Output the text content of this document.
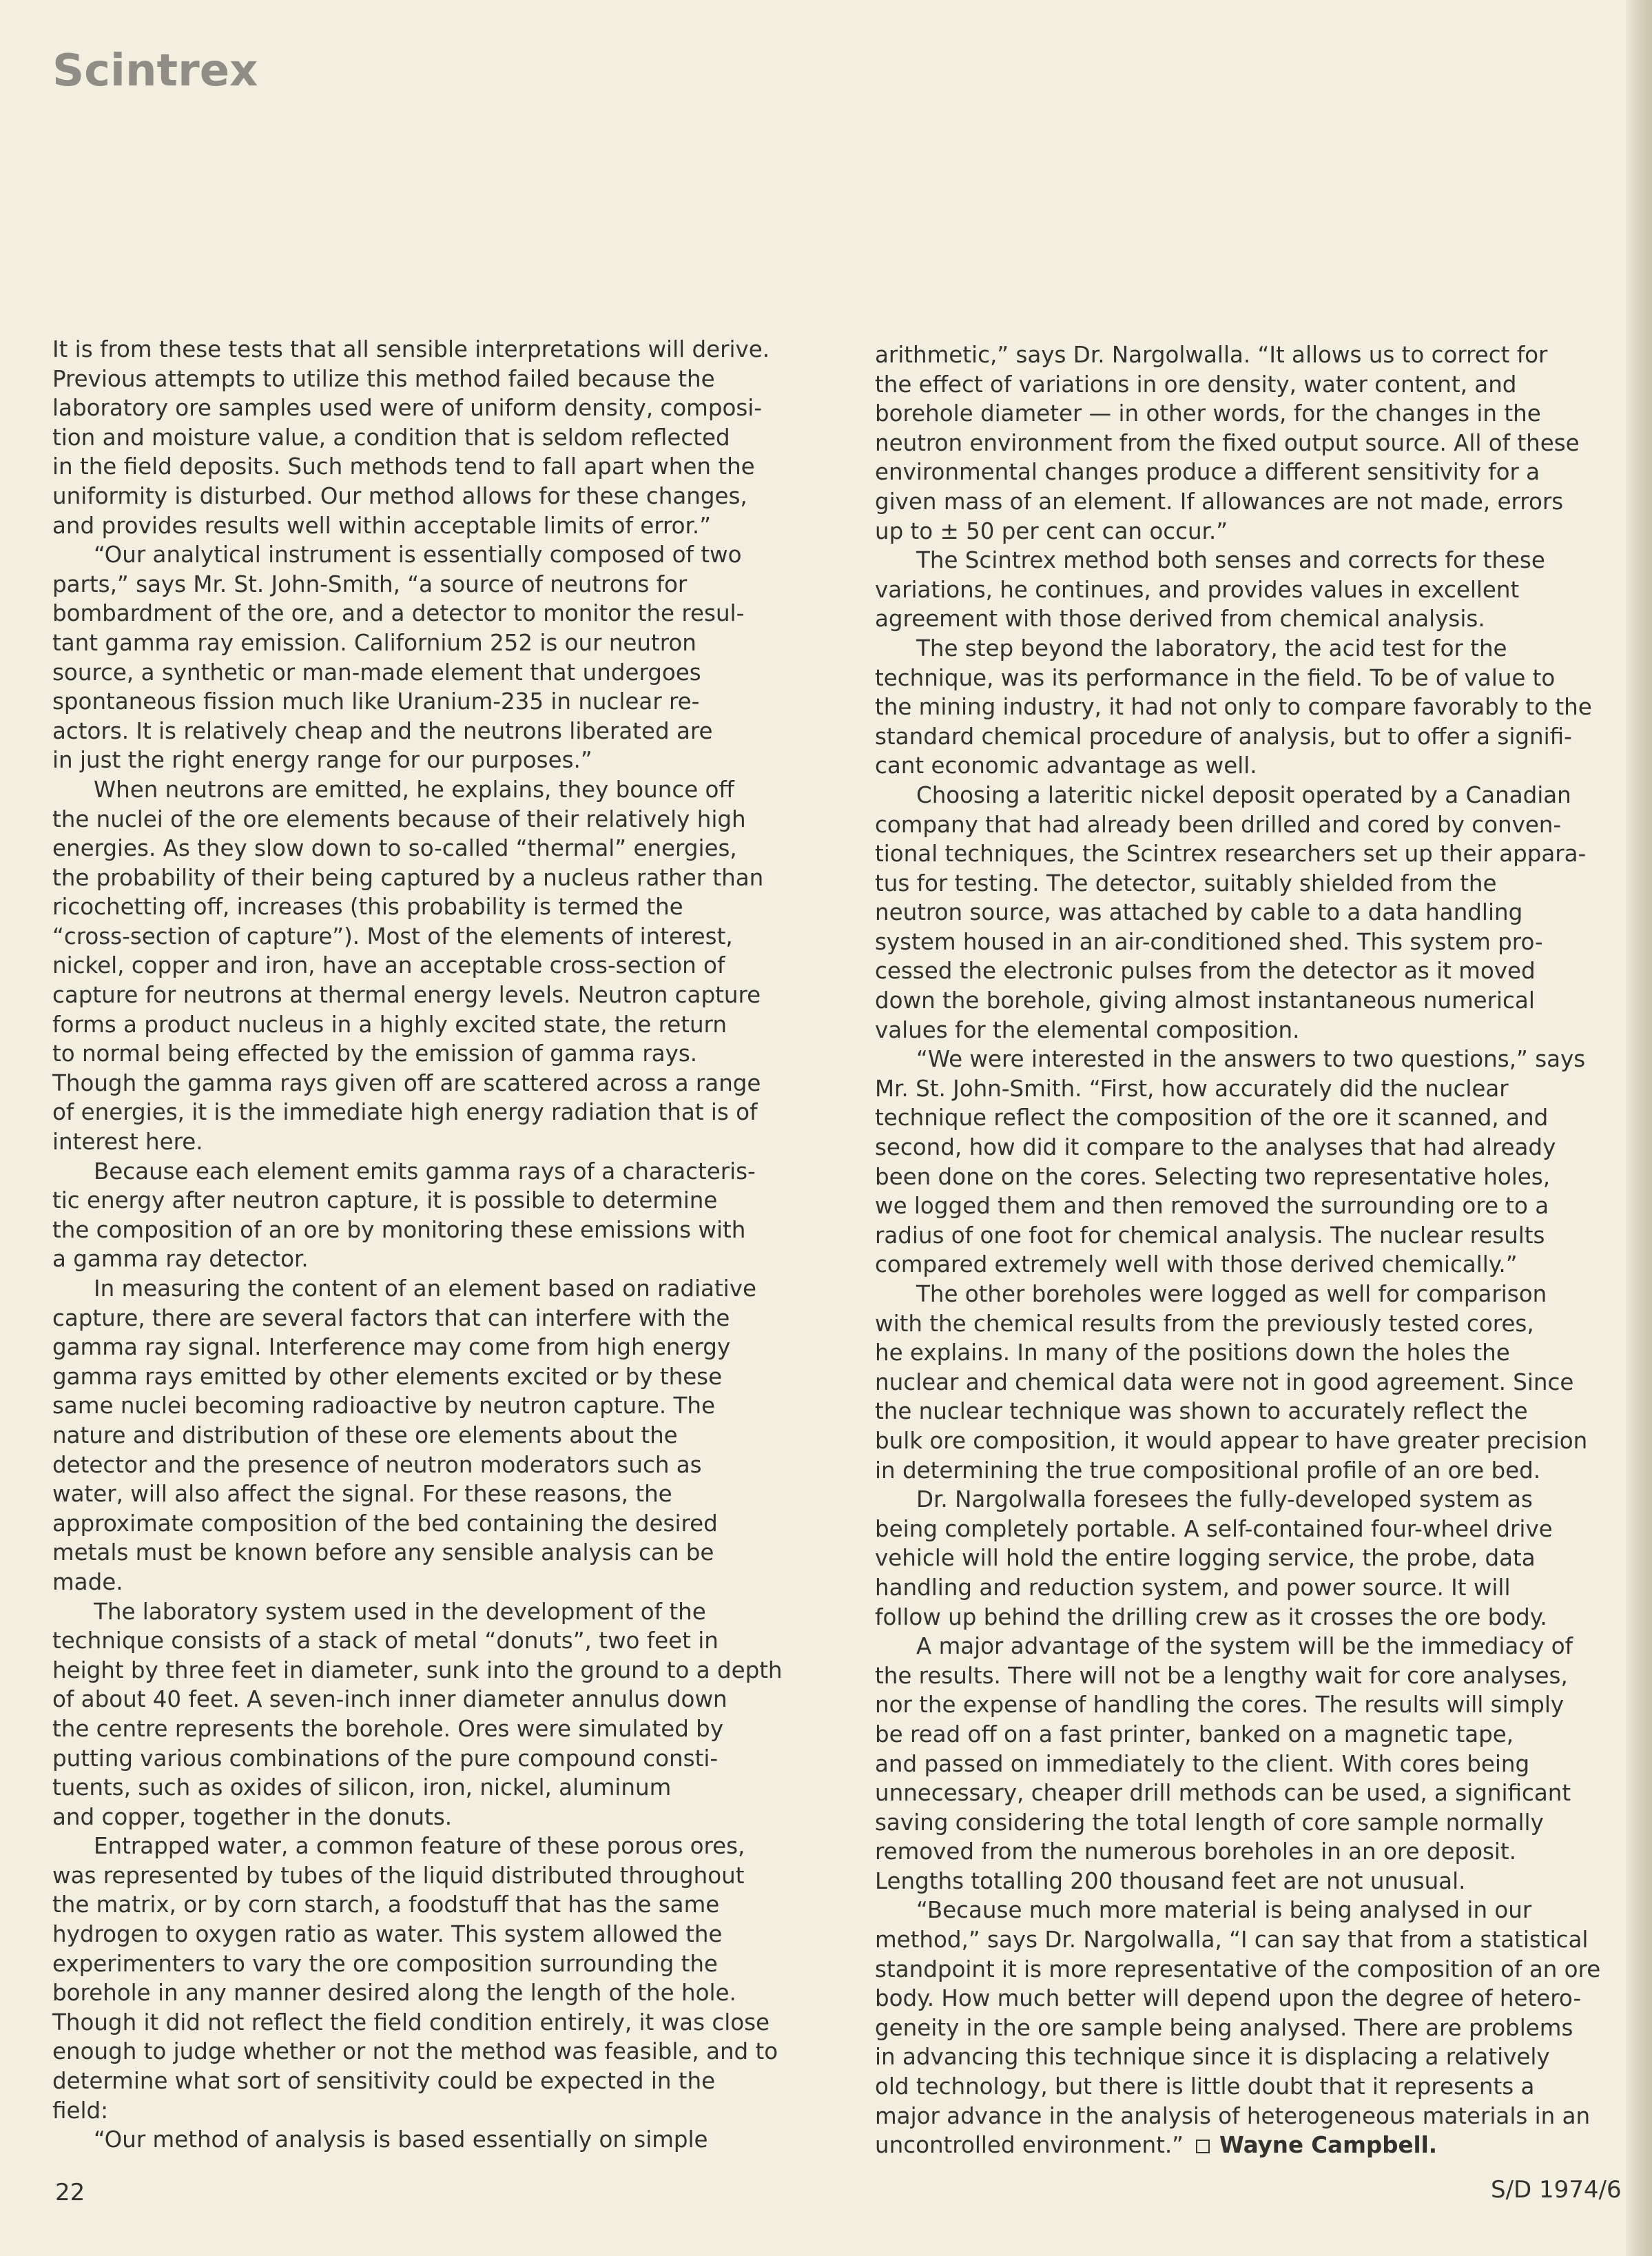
Scintrex

It is from these tests that all sensible interpretations will derive.
Previous attempts to utilize this method failed because the
laboratory ore samples used were of uniform density, composi-
tion and moisture value, a condition that is seldom reflected
in the field deposits. Such methods tend to fall apart when the
uniformity is disturbed. Our method allows for these changes,
and provides results well within acceptable limits of error.”

“Our analytical instrument is essentially composed of two
parts,” says Mr. St. John-Smith, “a source of neutrons for
bombardment of the ore, and a detector to monitor the resul-
tant gamma ray emission. Californium 252 is our neutron
source, a synthetic or man-made element that undergoes
spontaneous fission much like Uranium-235 in nuclear re-
actors. It is relatively cheap and the neutrons liberated are
in just the right energy range for our purposes.”

When neutrons are emitted, he explains, they bounce off
the nuclei of the ore elements because of their relatively high
energies. As they slow down to so-called “thermal” energies,
the probability of their being captured by a nucleus rather than
ricochetting off, increases (this probability is termed the
“cross-section of capture”). Most of the elements of interest,
nickel, copper and iron, have an acceptable cross-section of
capture for neutrons at thermal energy levels. Neutron capture
forms a product nucleus in a highly excited state, the return
to normal being effected by the emission of gamma rays.
Though the gamma rays given off are scattered across a range
of energies, it is the immediate high energy radiation that is of
interest here.

Because each element emits gamma rays of a characteris-
tic energy after neutron capture, it is possible to determine
the composition of an ore by monitoring these emissions with
a gamma ray detector.

In measuring the content of an element based on radiative
capture, there are several factors that can interfere with the
gamma ray signal. Interference may come from high energy
gamma rays emitted by other elements excited or by these
same nuclei becoming radioactive by neutron capture. The
nature and distribution of these ore elements about the
detector and the presence of neutron moderators such as
water, will also affect the signal. For these reasons, the
approximate composition of the bed containing the desired
metals must be known before any sensible analysis can be
made.

The laboratory system used in the development of the
technique consists of a stack of metal “donuts”, two feet in
height by three feet in diameter, sunk into the ground to a depth
of about 40 feet. A seven-inch inner diameter annulus down
the centre represents the borehole. Ores were simulated by
putting various combinations of the pure compound consti-
tuents, such as oxides of silicon, iron, nickel, aluminum
and copper, together in the donuts.

Entrapped water, a common feature of these porous ores,
was represented by tubes of the liquid distributed throughout
the matrix, or by corn starch, a foodstuff that has the same
hydrogen to oxygen ratio as water. This system allowed the
experimenters to vary the ore composition surrounding the
borehole in any manner desired along the length of the hole.
Though it did not reflect the field condition entirely, it was close
enough to judge whether or not the method was feasible, and to
determine what sort of sensitivity could be expected in the
field:

“Our method of analysis is based essentially on simple

arithmetic,” says Dr. Nargolwalla. “It allows us to correct for
the effect of variations in ore density, water content, and
borehole diameter — in other words, for the changes in the
neutron environment from the fixed output source. All of these
environmental changes produce a different sensitivity for a
given mass of an element. If allowances are not made, errors
up to ± 50 per cent can occur.”

The Scintrex method both senses and corrects for these
variations, he continues, and provides values in excellent
agreement with those derived from chemical analysis.

The step beyond the laboratory, the acid test for the
technique, was its performance in the field. To be of value to
the mining industry, it had not only to compare favorably to the
standard chemical procedure of analysis, but to offer a signifi-
cant economic advantage as well.

Choosing a lateritic nickel deposit operated by a Canadian
company that had already been drilled and cored by conven-
tional techniques, the Scintrex researchers set up their appara-
tus for testing. The detector, suitably shielded from the
neutron source, was attached by cable to a data handling
system housed in an air-conditioned shed. This system pro-
cessed the electronic pulses from the detector as it moved
down the borehole, giving almost instantaneous numerical
values for the elemental composition.

“We were interested in the answers to two questions,” says
Mr. St. John-Smith. “First, how accurately did the nuclear
technique reflect the composition of the ore it scanned, and
second, how did it compare to the analyses that had already
been done on the cores. Selecting two representative holes,
we logged them and then removed the surrounding ore to a
radius of one foot for chemical analysis. The nuclear results
compared extremely well with those derived chemically.”

The other boreholes were logged as well for comparison
with the chemical results from the previously tested cores,
he explains. In many of the positions down the holes the
nuclear and chemical data were not in good agreement. Since
the nuclear technique was shown to accurately reflect the
bulk ore composition, it would appear to have greater precision
in determining the true compositional profile of an ore bed.

Dr. Nargolwalla foresees the fully-developed system as
being completely portable. A self-contained four-wheel drive
vehicle will hold the entire logging service, the probe, data
handling and reduction system, and power source. It will
follow up behind the drilling crew as it crosses the ore body.

A major advantage of the system will be the immediacy of
the results. There will not be a lengthy wait for core analyses,
nor the expense of handling the cores. The results will simply
be read off on a fast printer, banked on a magnetic tape,
and passed on immediately to the client. With cores being
unnecessary, cheaper drill methods can be used, a significant
saving considering the total length of core sample normally
removed from the numerous boreholes in an ore deposit.
Lengths totalling 200 thousand feet are not unusual.

“Because much more material is being analysed in our
method,” says Dr. Nargolwalla, “I can say that from a statistical
standpoint it is more representative of the composition of an ore
body. How much better will depend upon the degree of hetero-
geneity in the ore sample being analysed. There are problems
in advancing this technique since it is displacing a relatively
old technology, but there is little doubt that it represents a
major advance in the analysis of heterogeneous materials in an
uncontrolled environment.” Wayne Campbell.

22	S/D 1974/6
